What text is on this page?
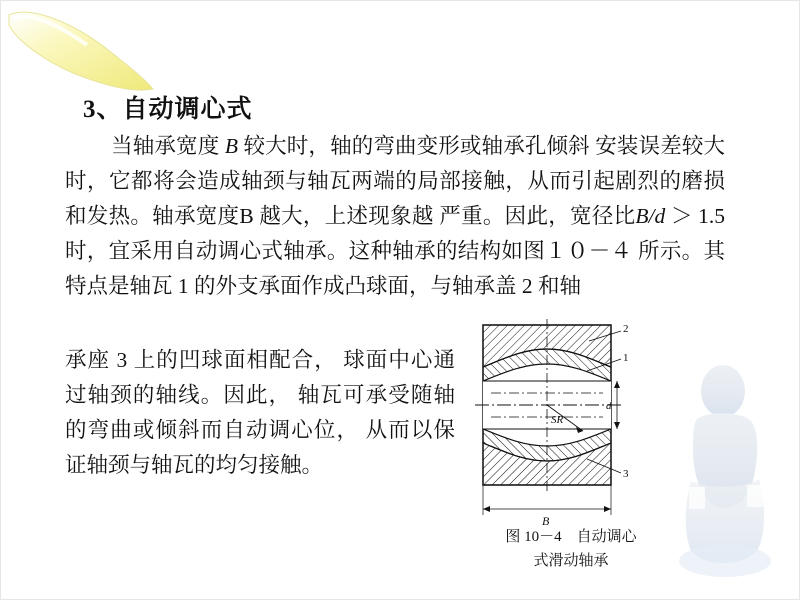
3、自动调心式

当轴承宽度 B 较大时，轴的弯曲变形或轴承孔倾斜 安装误差较大时，它都将会造成轴颈与轴瓦两端的局部接触，从而引起剧烈的磨损和发热。轴承宽度B 越大，上述现象越 严重。因此，宽径比B/d ＞ 1.5 时，宜采用自动调心式轴承。这种轴承的结构如图１０－４ 所示。其特点是轴瓦 1 的外支承面作成凸球面，与轴承盖 2 和轴

承座 3 上的凹球面相配合， 球面中心通过轴颈的轴线。因此， 轴瓦可承受随轴的弯曲或倾斜而自动调心位， 从而以保证轴颈与轴瓦的均匀接触。

SR
2
1
3
d
B
图 10－4　自动调心
式滑动轴承
